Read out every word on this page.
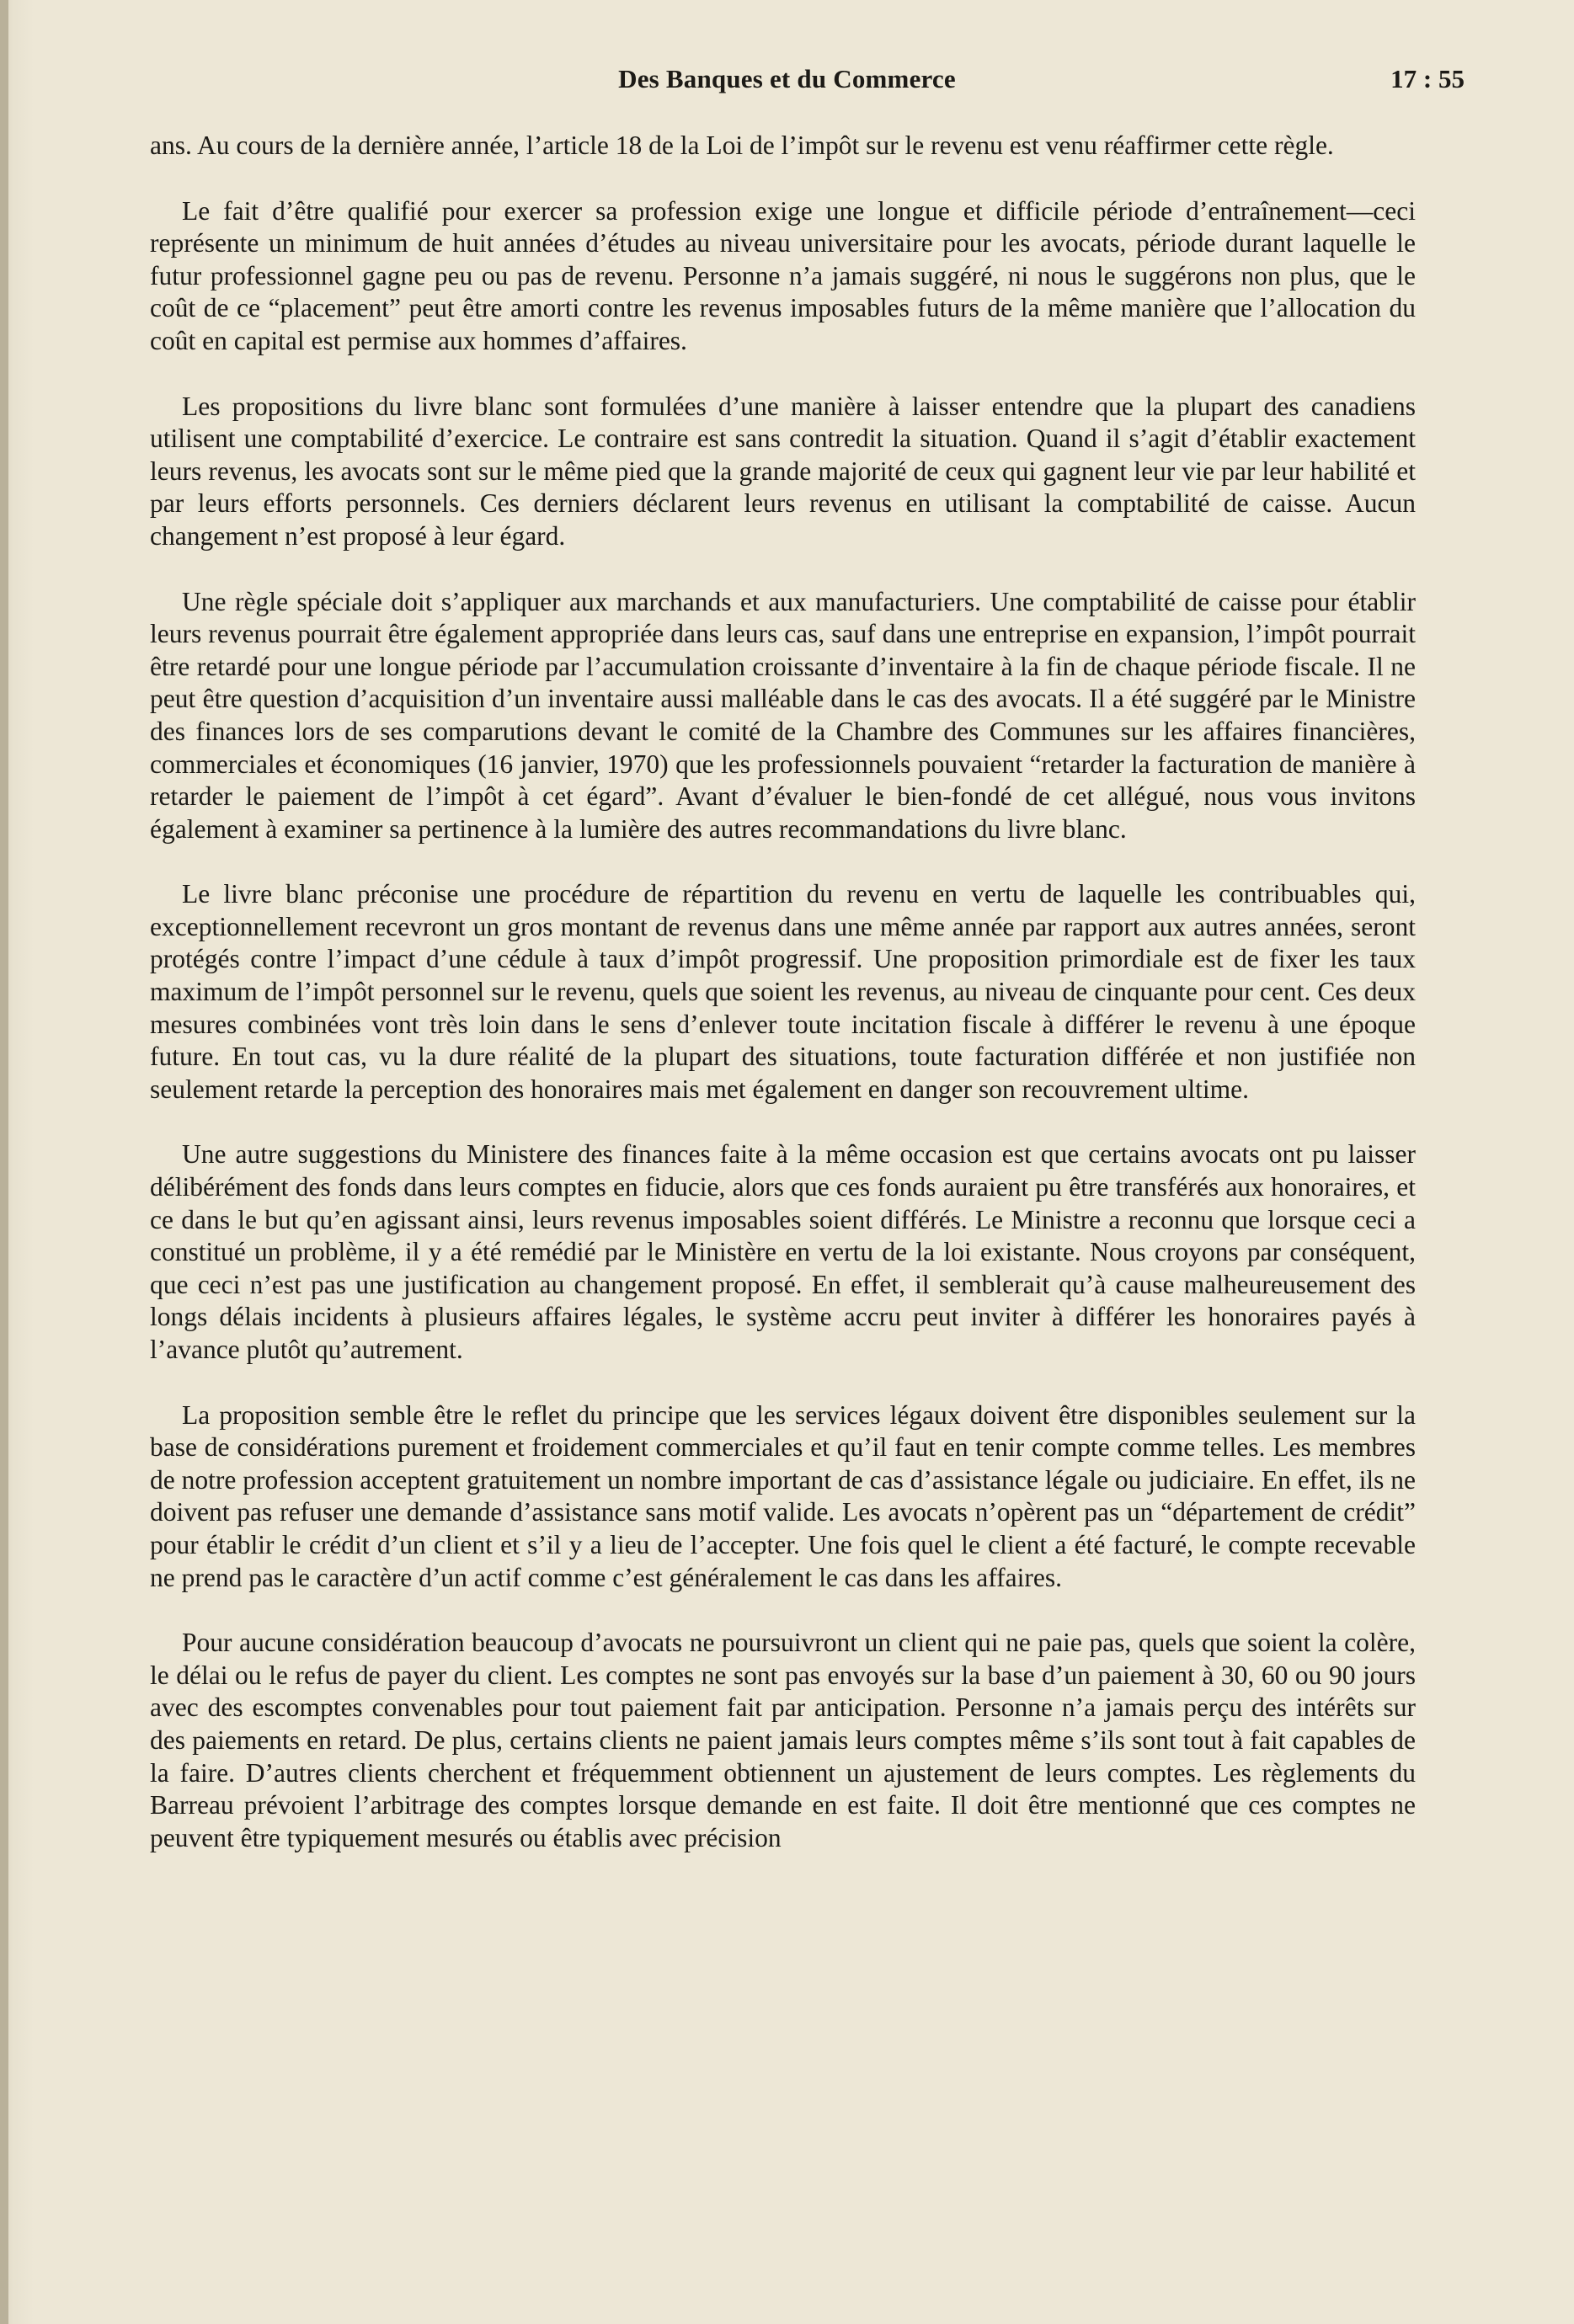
Des Banques et du Commerce	17 : 55

ans. Au cours de la dernière année, l’article 18 de la Loi de l’impôt sur le revenu est venu réaffirmer cette règle.

Le fait d’être qualifié pour exercer sa profession exige une longue et difficile période d’entraînement—ceci représente un minimum de huit années d’études au niveau universitaire pour les avocats, période durant laquelle le futur professionnel gagne peu ou pas de revenu. Personne n’a jamais suggéré, ni nous le suggérons non plus, que le coût de ce “placement” peut être amorti contre les revenus imposables futurs de la même manière que l’allocation du coût en capital est permise aux hommes d’affaires.

Les propositions du livre blanc sont formulées d’une manière à laisser entendre que la plupart des canadiens utilisent une comptabilité d’exercice. Le contraire est sans contredit la situation. Quand il s’agit d’établir exactement leurs revenus, les avocats sont sur le même pied que la grande majorité de ceux qui gagnent leur vie par leur habilité et par leurs efforts personnels. Ces derniers déclarent leurs revenus en utilisant la comptabilité de caisse. Aucun changement n’est proposé à leur égard.

Une règle spéciale doit s’appliquer aux marchands et aux manufacturiers. Une comptabilité de caisse pour établir leurs revenus pourrait être également appropriée dans leurs cas, sauf dans une entreprise en expansion, l’impôt pourrait être retardé pour une longue période par l’accumulation croissante d’inventaire à la fin de chaque période fiscale. Il ne peut être question d’acquisition d’un inventaire aussi malléable dans le cas des avocats. Il a été suggéré par le Ministre des finances lors de ses comparutions devant le comité de la Chambre des Communes sur les affaires financières, commerciales et économiques (16 janvier, 1970) que les professionnels pouvaient “retarder la facturation de manière à retarder le paiement de l’impôt à cet égard”. Avant d’évaluer le bien-fondé de cet allégué, nous vous invitons également à examiner sa pertinence à la lumière des autres recommandations du livre blanc.

Le livre blanc préconise une procédure de répartition du revenu en vertu de laquelle les contribuables qui, exceptionnellement recevront un gros montant de revenus dans une même année par rapport aux autres années, seront protégés contre l’impact d’une cédule à taux d’impôt progressif. Une proposition primordiale est de fixer les taux maximum de l’impôt personnel sur le revenu, quels que soient les revenus, au niveau de cinquante pour cent. Ces deux mesures combinées vont très loin dans le sens d’enlever toute incitation fiscale à différer le revenu à une époque future. En tout cas, vu la dure réalité de la plupart des situations, toute facturation différée et non justifiée non seulement retarde la perception des honoraires mais met également en danger son recouvrement ultime.

Une autre suggestions du Ministere des finances faite à la même occasion est que certains avocats ont pu laisser délibérément des fonds dans leurs comptes en fiducie, alors que ces fonds auraient pu être transférés aux honoraires, et ce dans le but qu’en agissant ainsi, leurs revenus imposables soient différés. Le Ministre a reconnu que lorsque ceci a constitué un problème, il y a été remédié par le Ministère en vertu de la loi existante. Nous croyons par conséquent, que ceci n’est pas une justification au changement proposé. En effet, il semblerait qu’à cause malheureusement des longs délais incidents à plusieurs affaires légales, le système accru peut inviter à différer les honoraires payés à l’avance plutôt qu’autrement.

La proposition semble être le reflet du principe que les services légaux doivent être disponibles seulement sur la base de considérations purement et froidement commerciales et qu’il faut en tenir compte comme telles. Les membres de notre profession acceptent gratuitement un nombre important de cas d’assistance légale ou judiciaire. En effet, ils ne doivent pas refuser une demande d’assistance sans motif valide. Les avocats n’opèrent pas un “département de crédit” pour établir le crédit d’un client et s’il y a lieu de l’accepter. Une fois quel le client a été facturé, le compte recevable ne prend pas le caractère d’un actif comme c’est généralement le cas dans les affaires.

Pour aucune considération beaucoup d’avocats ne poursuivront un client qui ne paie pas, quels que soient la colère, le délai ou le refus de payer du client. Les comptes ne sont pas envoyés sur la base d’un paiement à 30, 60 ou 90 jours avec des escomptes convenables pour tout paiement fait par anticipation. Personne n’a jamais perçu des intérêts sur des paiements en retard. De plus, certains clients ne paient jamais leurs comptes même s’ils sont tout à fait capables de la faire. D’autres clients cherchent et fréquemment obtiennent un ajustement de leurs comptes. Les règlements du Barreau prévoient l’arbitrage des comptes lorsque demande en est faite. Il doit être mentionné que ces comptes ne peuvent être typiquement mesurés ou établis avec précision
